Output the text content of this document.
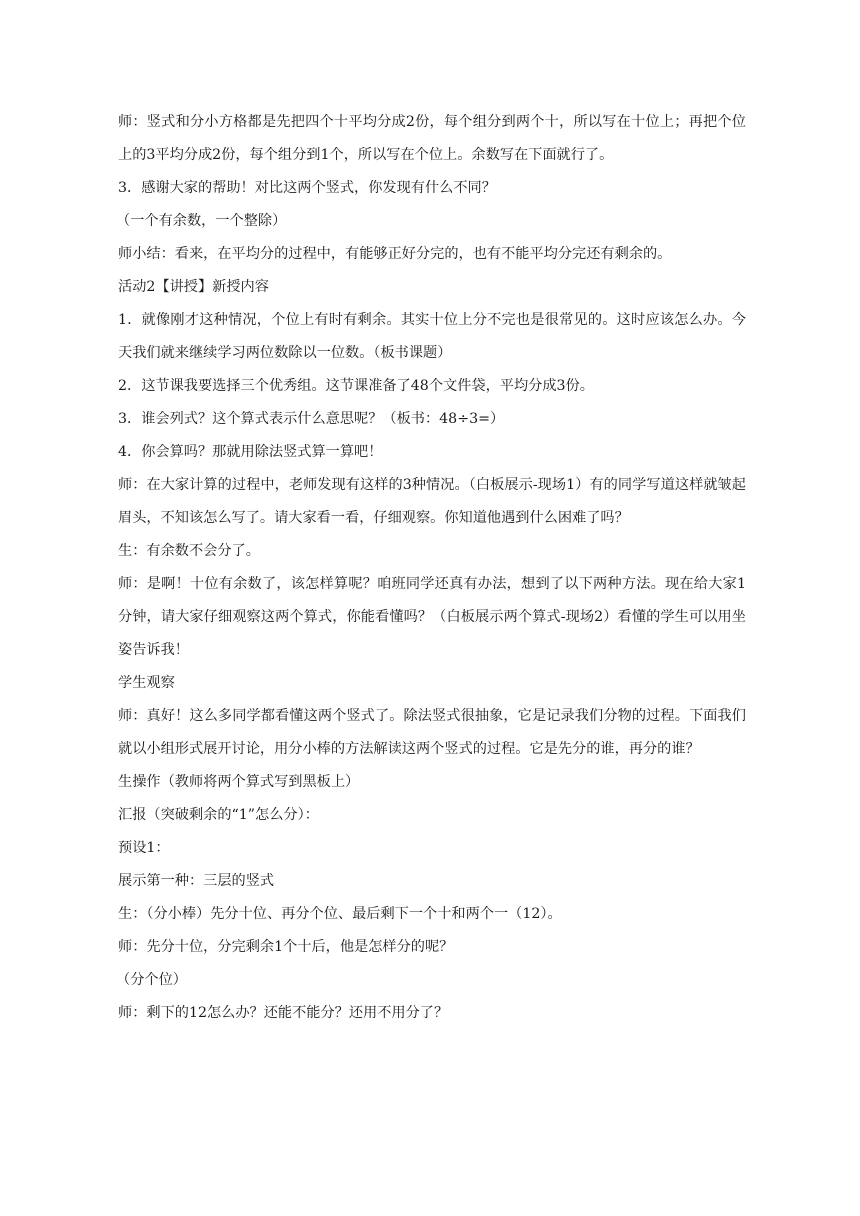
师：竖式和分小方格都是先把四个十平均分成2份，每个组分到两个十，所以写在十位上；再把个位上的3平均分成2份，每个组分到1个，所以写在个位上。余数写在下面就行了。

3．感谢大家的帮助！对比这两个竖式，你发现有什么不同？

（一个有余数，一个整除）

师小结：看来，在平均分的过程中，有能够正好分完的，也有不能平均分完还有剩余的。

活动2【讲授】新授内容

1．就像刚才这种情况，个位上有时有剩余。其实十位上分不完也是很常见的。这时应该怎么办。今天我们就来继续学习两位数除以一位数。（板书课题）

2．这节课我要选择三个优秀组。这节课准备了48个文件袋，平均分成3份。

3．谁会列式？这个算式表示什么意思呢？（板书：48÷3=）

4．你会算吗？那就用除法竖式算一算吧！

师：在大家计算的过程中，老师发现有这样的3种情况。（白板展示-现场1）有的同学写道这样就皱起眉头，不知该怎么写了。请大家看一看，仔细观察。你知道他遇到什么困难了吗？

生：有余数不会分了。

师：是啊！十位有余数了，该怎样算呢？咱班同学还真有办法，想到了以下两种方法。现在给大家1分钟，请大家仔细观察这两个算式，你能看懂吗？（白板展示两个算式-现场2）看懂的学生可以用坐姿告诉我！

学生观察

师：真好！这么多同学都看懂这两个竖式了。除法竖式很抽象，它是记录我们分物的过程。下面我们就以小组形式展开讨论，用分小棒的方法解读这两个竖式的过程。它是先分的谁，再分的谁？

生操作（教师将两个算式写到黑板上）

汇报（突破剩余的“1”怎么分）：

预设1：

展示第一种：三层的竖式

生：（分小棒）先分十位、再分个位、最后剩下一个十和两个一（12）。

师：先分十位，分完剩余1个十后，他是怎样分的呢？

（分个位）

师：剩下的12怎么办？还能不能分？还用不用分了？
